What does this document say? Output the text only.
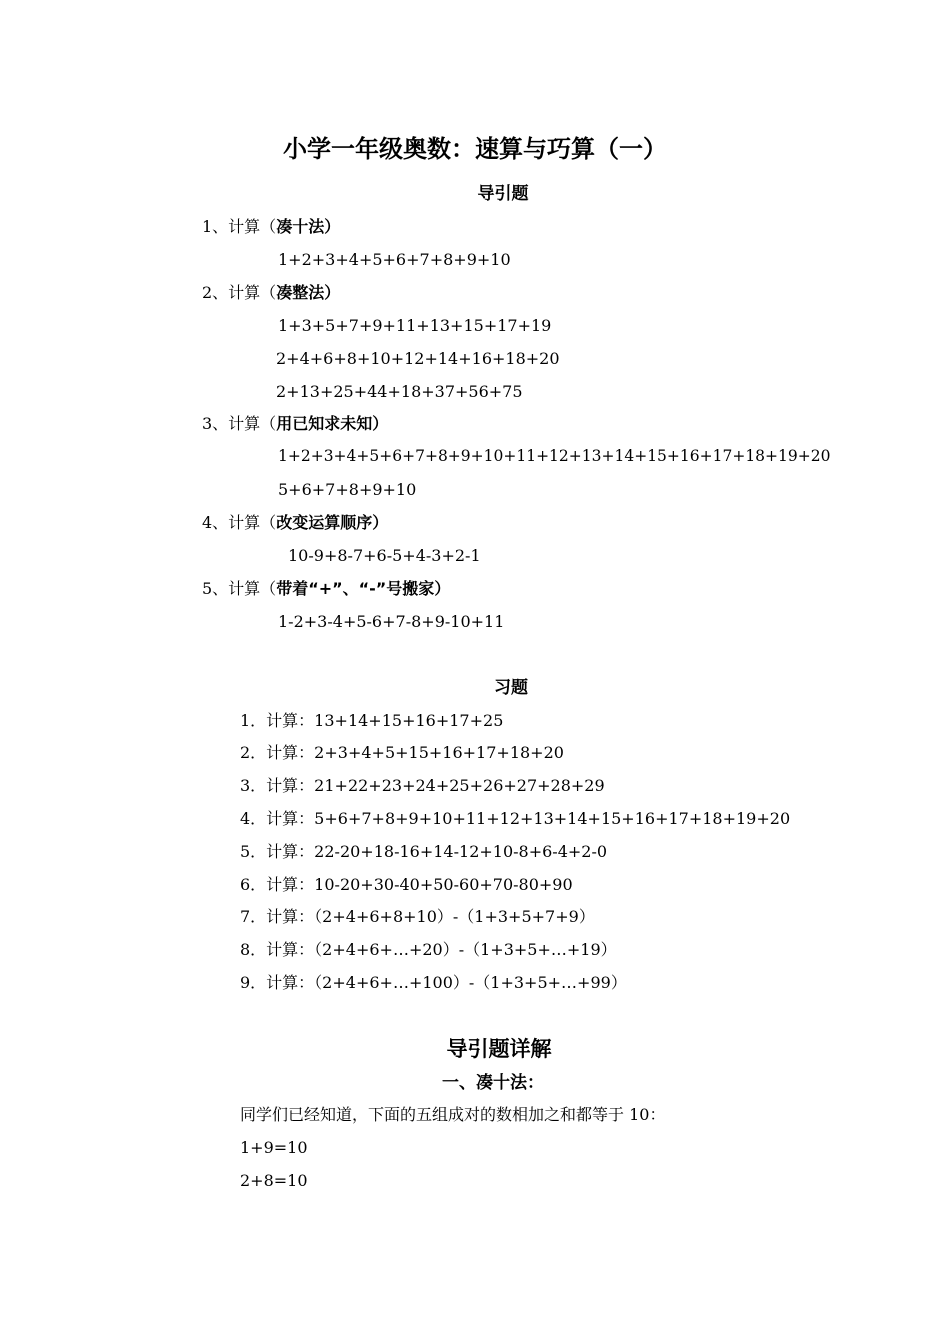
小学一年级奥数：速算与巧算（一）
导引题
1、计算（凑十法）
1+2+3+4+5+6+7+8+9+10
2、计算（凑整法）
1+3+5+7+9+11+13+15+17+19
2+4+6+8+10+12+14+16+18+20
2+13+25+44+18+37+56+75
3、计算（用已知求未知）
1+2+3+4+5+6+7+8+9+10+11+12+13+14+15+16+17+18+19+20
5+6+7+8+9+10
4、计算（改变运算顺序）
10-9+8-7+6-5+4-3+2-1
5、计算（带着“+”、“-”号搬家）
1-2+3-4+5-6+7-8+9-10+11
习题
1．计算：13+14+15+16+17+25
2．计算：2+3+4+5+15+16+17+18+20
3．计算：21+22+23+24+25+26+27+28+29
4．计算：5+6+7+8+9+10+11+12+13+14+15+16+17+18+19+20
5．计算：22-20+18-16+14-12+10-8+6-4+2-0
6．计算：10-20+30-40+50-60+70-80+90
7．计算：（2+4+6+8+10）-（1+3+5+7+9）
8．计算：（2+4+6+…+20）-（1+3+5+…+19）
9．计算：（2+4+6+…+100）-（1+3+5+…+99）
导引题详解
一、凑十法：
同学们已经知道，下面的五组成对的数相加之和都等于 10：
1+9=10
2+8=10
